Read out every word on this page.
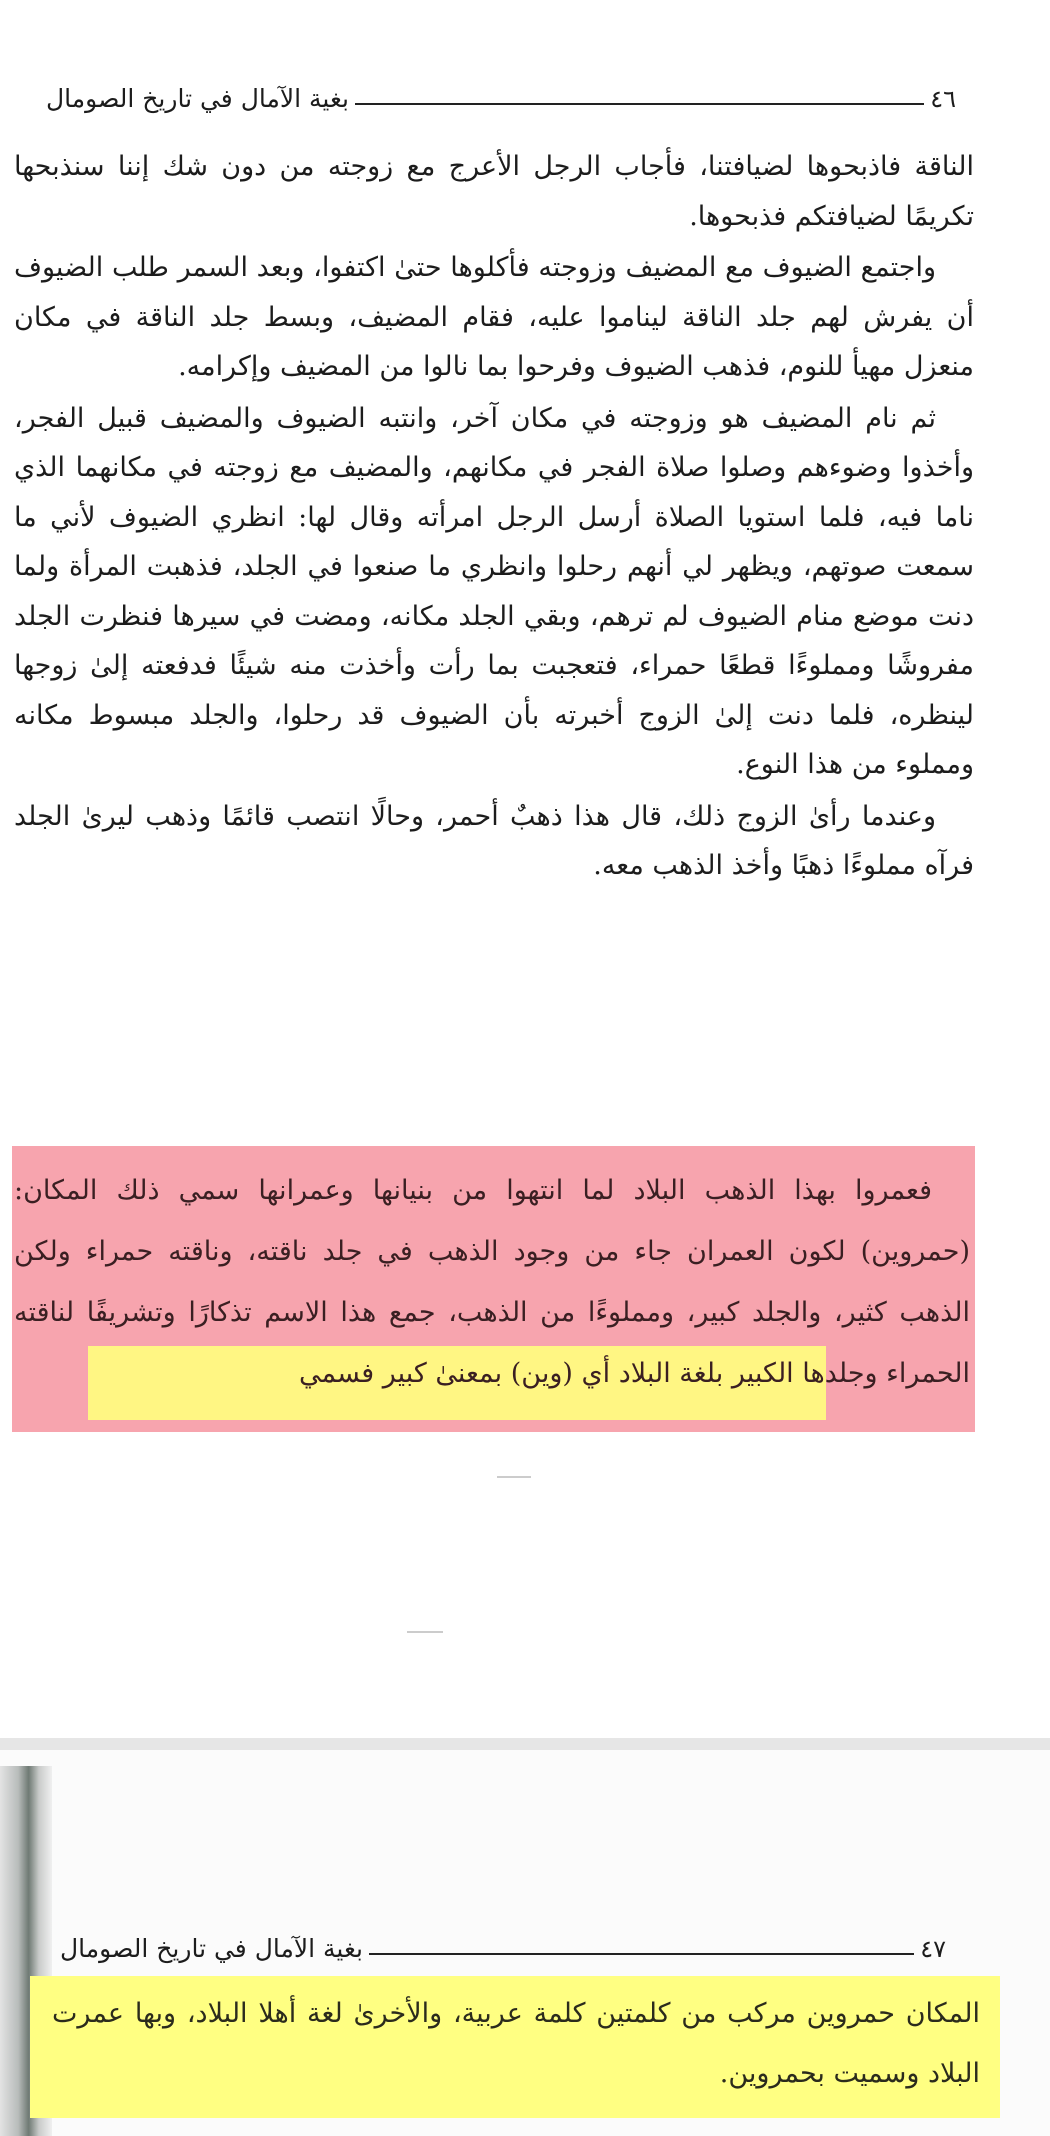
٤٦
بغية الآمال في تاريخ الصومال

الناقة فاذبحوها لضيافتنا، فأجاب الرجل الأعرج مع زوجته من دون شك إننا سنذبحها تكريمًا لضيافتكم فذبحوها.

واجتمع الضيوف مع المضيف وزوجته فأكلوها حتىٰ اكتفوا، وبعد السمر طلب الضيوف أن يفرش لهم جلد الناقة ليناموا عليه، فقام المضيف، وبسط جلد الناقة في مكان منعزل مهيأ للنوم، فذهب الضيوف وفرحوا بما نالوا من المضيف وإكرامه.

ثم نام المضيف هو وزوجته في مكان آخر، وانتبه الضيوف والمضيف قبيل الفجر، وأخذوا وضوءهم وصلوا صلاة الفجر في مكانهم، والمضيف مع زوجته في مكانهما الذي ناما فيه، فلما استويا الصلاة أرسل الرجل امرأته وقال لها: انظري الضيوف لأني ما سمعت صوتهم، ويظهر لي أنهم رحلوا وانظري ما صنعوا في الجلد، فذهبت المرأة ولما دنت موضع منام الضيوف لم ترهم، وبقي الجلد مكانه، ومضت في سيرها فنظرت الجلد مفروشًا ومملوءًا قطعًا حمراء، فتعجبت بما رأت وأخذت منه شيئًا فدفعته إلىٰ زوجها لينظره، فلما دنت إلىٰ الزوج أخبرته بأن الضيوف قد رحلوا، والجلد مبسوط مكانه ومملوء من هذا النوع.

وعندما رأىٰ الزوج ذلك، قال هذا ذهبٌ أحمر، وحالًا انتصب قائمًا وذهب ليرىٰ الجلد فرآه مملوءًا ذهبًا وأخذ الذهب معه.

فعمروا بهذا الذهب البلاد لما انتهوا من بنيانها وعمرانها سمي ذلك المكان: (حمروين) لكون العمران جاء من وجود الذهب في جلد ناقته، وناقته حمراء ولكن الذهب كثير، والجلد كبير، ومملوءًا من الذهب، جمع هذا الاسم تذكارًا وتشريفًا لناقته الحمراء وجلدها الكبير بلغة البلاد أي (وين) بمعنىٰ كبير فسمي

٤٧
بغية الآمال في تاريخ الصومال

المكان حمروين مركب من كلمتين كلمة عربية، والأخرىٰ لغة أهلا البلاد، وبها عمرت البلاد وسميت بحمروين.
